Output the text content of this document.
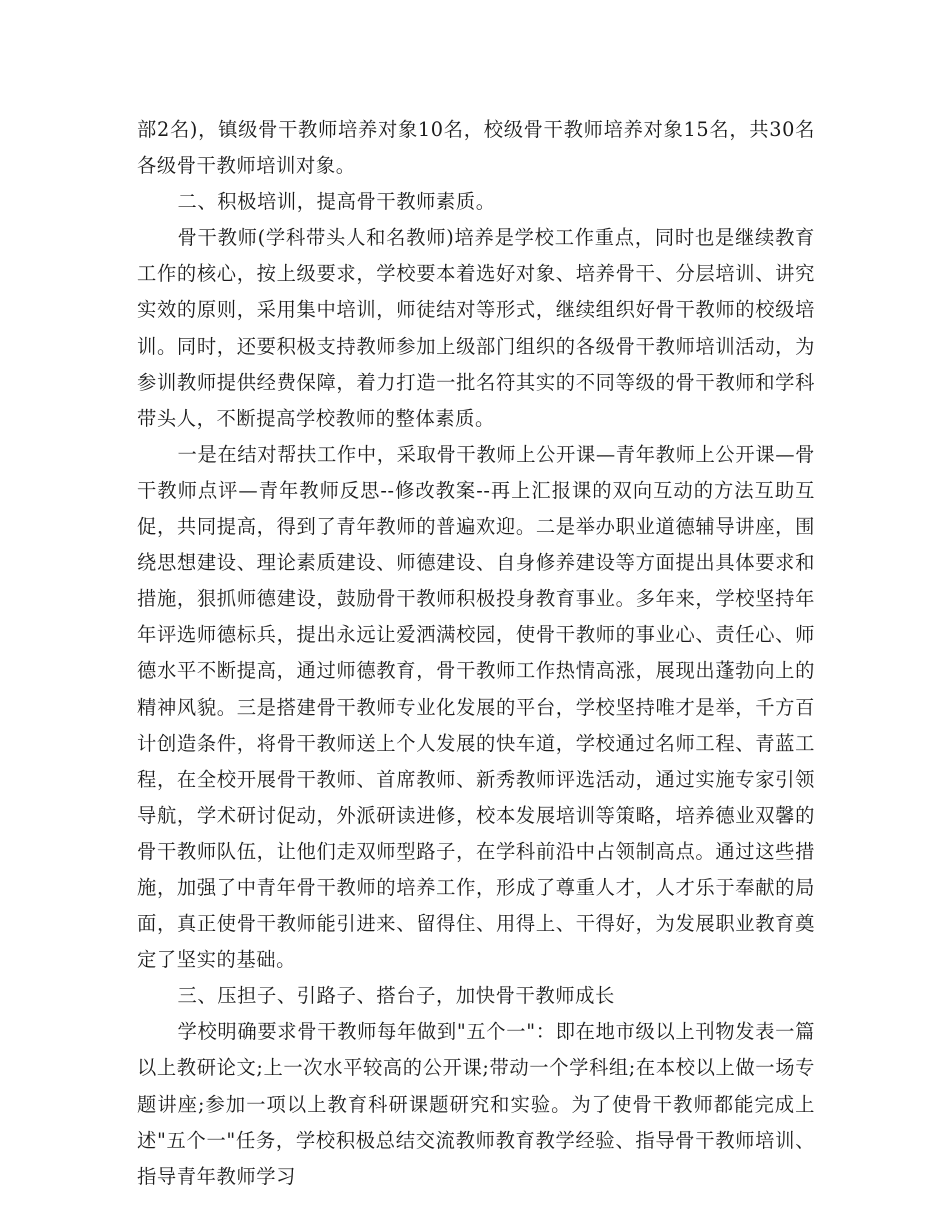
部2名)，镇级骨干教师培养对象10名，校级骨干教师培养对象15名，共30名各级骨干教师培训对象。

二、积极培训，提高骨干教师素质。

骨干教师(学科带头人和名教师)培养是学校工作重点，同时也是继续教育工作的核心，按上级要求，学校要本着选好对象、培养骨干、分层培训、讲究实效的原则，采用集中培训，师徒结对等形式，继续组织好骨干教师的校级培训。同时，还要积极支持教师参加上级部门组织的各级骨干教师培训活动，为参训教师提供经费保障，着力打造一批名符其实的不同等级的骨干教师和学科带头人，不断提高学校教师的整体素质。

一是在结对帮扶工作中，采取骨干教师上公开课—青年教师上公开课—骨干教师点评—青年教师反思--修改教案--再上汇报课的双向互动的方法互助互促，共同提高，得到了青年教师的普遍欢迎。二是举办职业道德辅导讲座，围绕思想建设、理论素质建设、师德建设、自身修养建设等方面提出具体要求和措施，狠抓师德建设，鼓励骨干教师积极投身教育事业。多年来，学校坚持年年评选师德标兵，提出永远让爱洒满校园，使骨干教师的事业心、责任心、师德水平不断提高，通过师德教育，骨干教师工作热情高涨，展现出蓬勃向上的精神风貌。三是搭建骨干教师专业化发展的平台，学校坚持唯才是举，千方百计创造条件，将骨干教师送上个人发展的快车道，学校通过名师工程、青蓝工程，在全校开展骨干教师、首席教师、新秀教师评选活动，通过实施专家引领导航，学术研讨促动，外派研读进修，校本发展培训等策略，培养德业双馨的骨干教师队伍，让他们走双师型路子，在学科前沿中占领制高点。通过这些措施，加强了中青年骨干教师的培养工作，形成了尊重人才，人才乐于奉献的局面，真正使骨干教师能引进来、留得住、用得上、干得好，为发展职业教育奠定了坚实的基础。

三、压担子、引路子、搭台子，加快骨干教师成长

学校明确要求骨干教师每年做到"五个一"：即在地市级以上刊物发表一篇以上教研论文;上一次水平较高的公开课;带动一个学科组;在本校以上做一场专题讲座;参加一项以上教育科研课题研究和实验。为了使骨干教师都能完成上述"五个一"任务，学校积极总结交流教师教育教学经验、指导骨干教师培训、指导青年教师学习
